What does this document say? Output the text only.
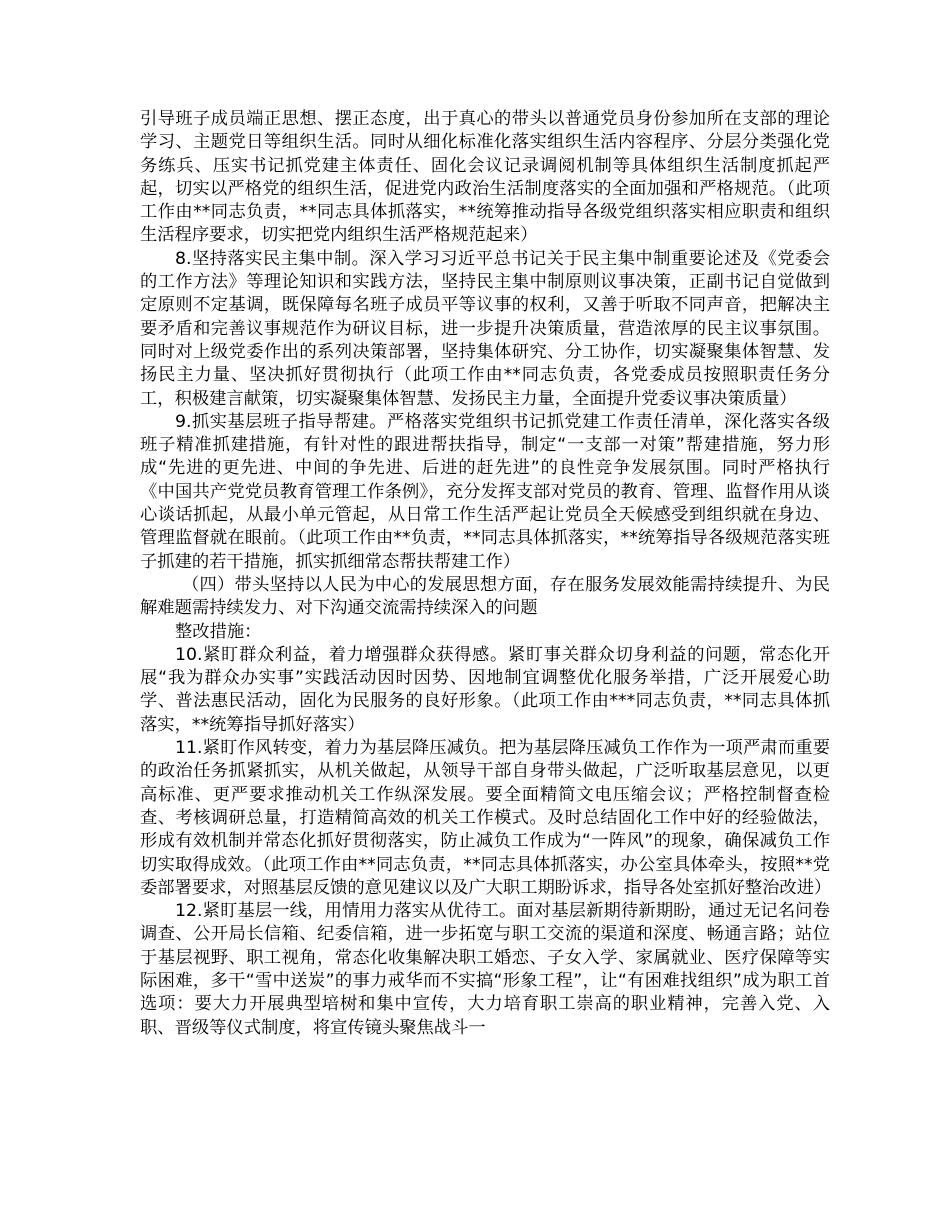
引导班子成员端正思想、摆正态度，出于真心的带头以普通党员身份参加所在支部的理论学习、主题党日等组织生活。同时从细化标准化落实组织生活内容程序、分层分类强化党务练兵、压实书记抓党建主体责任、固化会议记录调阅机制等具体组织生活制度抓起严起，切实以严格党的组织生活，促进党内政治生活制度落实的全面加强和严格规范。（此项工作由**同志负责，**同志具体抓落实，**统筹推动指导各级党组织落实相应职责和组织生活程序要求，切实把党内组织生活严格规范起来）

8.坚持落实民主集中制。深入学习习近平总书记关于民主集中制重要论述及《党委会的工作方法》等理论知识和实践方法，坚持民主集中制原则议事决策，正副书记自觉做到定原则不定基调，既保障每名班子成员平等议事的权利，又善于听取不同声音，把解决主要矛盾和完善议事规范作为研议目标，进一步提升决策质量，营造浓厚的民主议事氛围。同时对上级党委作出的系列决策部署，坚持集体研究、分工协作，切实凝聚集体智慧、发扬民主力量、坚决抓好贯彻执行（此项工作由**同志负责，各党委成员按照职责任务分工，积极建言献策，切实凝聚集体智慧、发扬民主力量，全面提升党委议事决策质量）

9.抓实基层班子指导帮建。严格落实党组织书记抓党建工作责任清单，深化落实各级班子精准抓建措施，有针对性的跟进帮扶指导，制定“一支部一对策”帮建措施，努力形成“先进的更先进、中间的争先进、后进的赶先进”的良性竞争发展氛围。同时严格执行《中国共产党党员教育管理工作条例》，充分发挥支部对党员的教育、管理、监督作用从谈心谈话抓起，从最小单元管起，从日常工作生活严起让党员全天候感受到组织就在身边、管理监督就在眼前。（此项工作由**负责，**同志具体抓落实，**统筹指导各级规范落实班子抓建的若干措施，抓实抓细常态帮扶帮建工作）

（四）带头坚持以人民为中心的发展思想方面，存在服务发展效能需持续提升、为民解难题需持续发力、对下沟通交流需持续深入的问题

整改措施：

10.紧盯群众利益，着力增强群众获得感。紧盯事关群众切身利益的问题，常态化开展“我为群众办实事”实践活动因时因势、因地制宜调整优化服务举措，广泛开展爱心助学、普法惠民活动，固化为民服务的良好形象。（此项工作由***同志负责，**同志具体抓落实，**统筹指导抓好落实）

11.紧盯作风转变，着力为基层降压减负。把为基层降压减负工作作为一项严肃而重要的政治任务抓紧抓实，从机关做起，从领导干部自身带头做起，广泛听取基层意见，以更高标准、更严要求推动机关工作纵深发展。要全面精简文电压缩会议；严格控制督查检查、考核调研总量，打造精简高效的机关工作模式。及时总结固化工作中好的经验做法，形成有效机制并常态化抓好贯彻落实，防止减负工作成为“一阵风”的现象，确保减负工作切实取得成效。（此项工作由**同志负责，**同志具体抓落实，办公室具体牵头，按照**党委部署要求，对照基层反馈的意见建议以及广大职工期盼诉求，指导各处室抓好整治改进）

12.紧盯基层一线，用情用力落实从优待工。面对基层新期待新期盼，通过无记名问卷调查、公开局长信箱、纪委信箱，进一步拓宽与职工交流的渠道和深度、畅通言路；站位于基层视野、职工视角，常态化收集解决职工婚恋、子女入学、家属就业、医疗保障等实际困难，多干“雪中送炭”的事力戒华而不实搞“形象工程”，让“有困难找组织”成为职工首选项：要大力开展典型培树和集中宣传，大力培育职工崇高的职业精神，完善入党、入职、晋级等仪式制度，将宣传镜头聚焦战斗一
